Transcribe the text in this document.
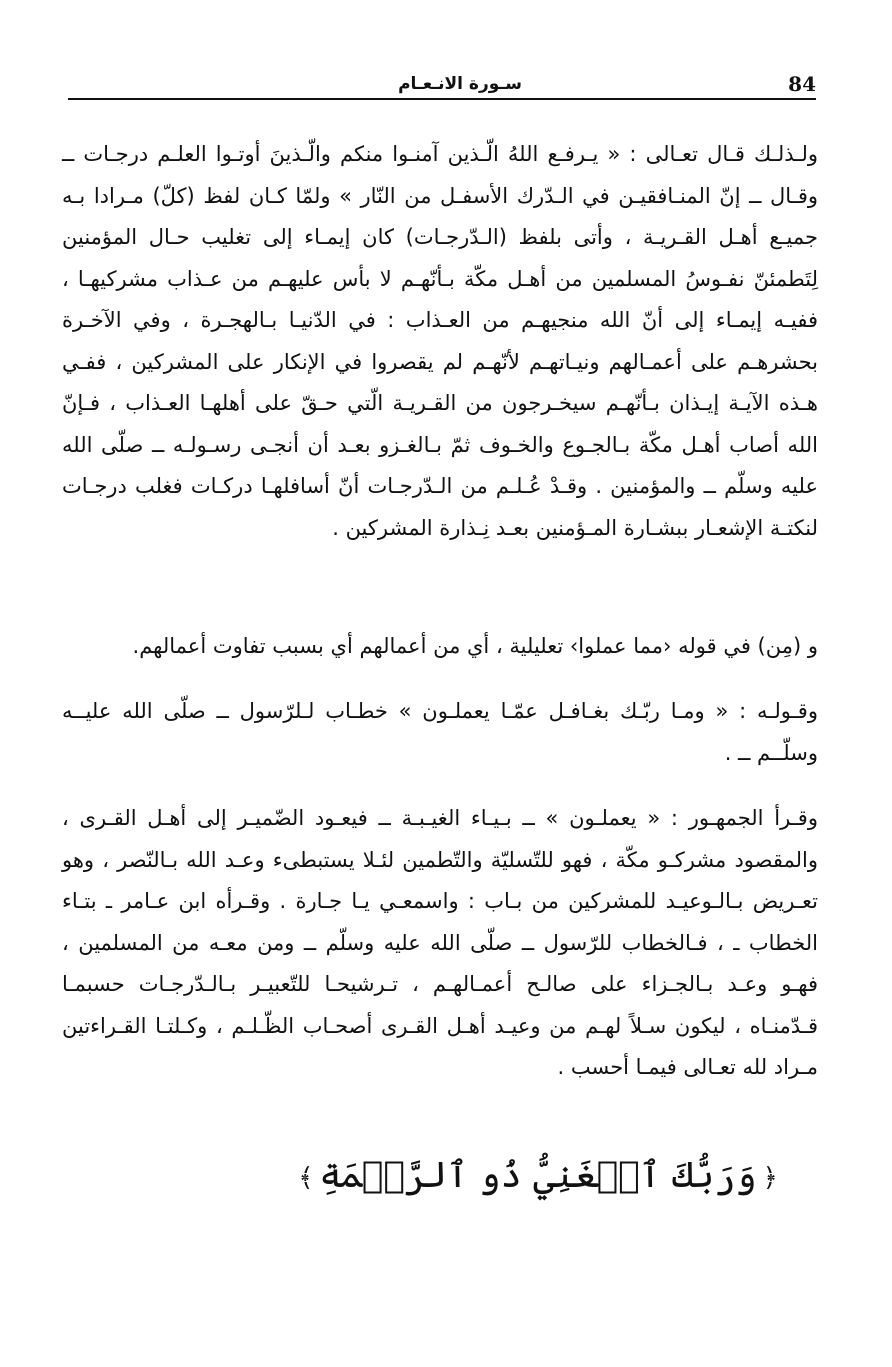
84
سـورة الانـعـام

ولـذلـك قـال تعـالى : « يـرفـع اللهُ الّـذين آمنـوا منكم والّـذينَ أوتـوا العلـم درجـات ــ وقـال ــ إنّ المنـافقيـن في الـدّرك الأسفـل من النّار » ولمّا كـان لفظ (كلّ) مـرادا بـه جميـع أهـل القـريـة ، وأتى بلفظ (الـدّرجـات) كان إيمـاء إلى تغليب حـال المؤمنين لِتَطمئنّ نفـوسُ المسلمين من أهـل مكّة بـأنّهـم لا بأس عليهـم من عـذاب مشركيهـا ، ففيـه إيمـاء إلى أنّ الله منجيهـم من العـذاب : في الدّنيـا بـالهجـرة ، وفي الآخـرة بحشرهـم على أعمـالهم ونيـاتهـم لأنّهـم لم يقصروا في الإنكار على المشركين ، ففـي هـذه الآيـة إيـذان بـأنّهـم سيخـرجون من القـريـة الّتي حـقّ على أهلهـا العـذاب ، فـإنّ الله أصاب أهـل مكّة بـالجـوع والخـوف ثمّ بـالغـزو بعـد أن أنجـى رسـولـه ــ صلّى الله عليه وسلّم ــ والمؤمنين . وقـدْ عُـلـم من الـدّرجـات أنّ أسافلهـا دركـات فغلب درجـات لنكتـة الإشعـار ببشـارة المـؤمنين بعـد نِـذارة المشركين .

و (مِن) في قوله ‹مما عملوا› تعليلية ، أي من أعمالهم أي بسبب تفاوت أعمالهم.

وقـولـه : « ومـا ربّـك بغـافـل عمّـا يعملـون » خطـاب لـلرّسول ــ صلّى الله عليــه وسلّــم ــ .

وقـرأ الجمهـور : « يعملـون » ــ بـيـاء الغيـبـة ــ فيعـود الضّميـر إلى أهـل القـرى ، والمقصود مشركـو مكّة ، فهو للتّسليّة والتّطمين لئـلا يستبطىء وعـد الله بـالنّصر ، وهو تعـريض بـالـوعيـد للمشركين من بـاب : واسمعـي يـا جـارة . وقـرأه ابن عـامر ـ بتـاء الخطاب ـ ، فـالخطاب للرّسول ــ صلّى الله عليه وسلّم ــ ومن معـه من المسلمين ، فهـو وعـد بـالجـزاء على صالـح أعمـالهـم ، تـرشيحـا للتّعبيـر بـالـدّرجـات حسبمـا قـدّمنـاه ، ليكون سـلاً لهـم من وعيـد أهـل القـرى أصحـاب الظّـلـم ، وكـلتـا القـراءتين مـراد لله تعـالى فيمـا أحسب .

﴿وَرَبُّكَ ٱلۡغَنِيُّ ذُو ٱلرَّحۡمَةِ﴾
